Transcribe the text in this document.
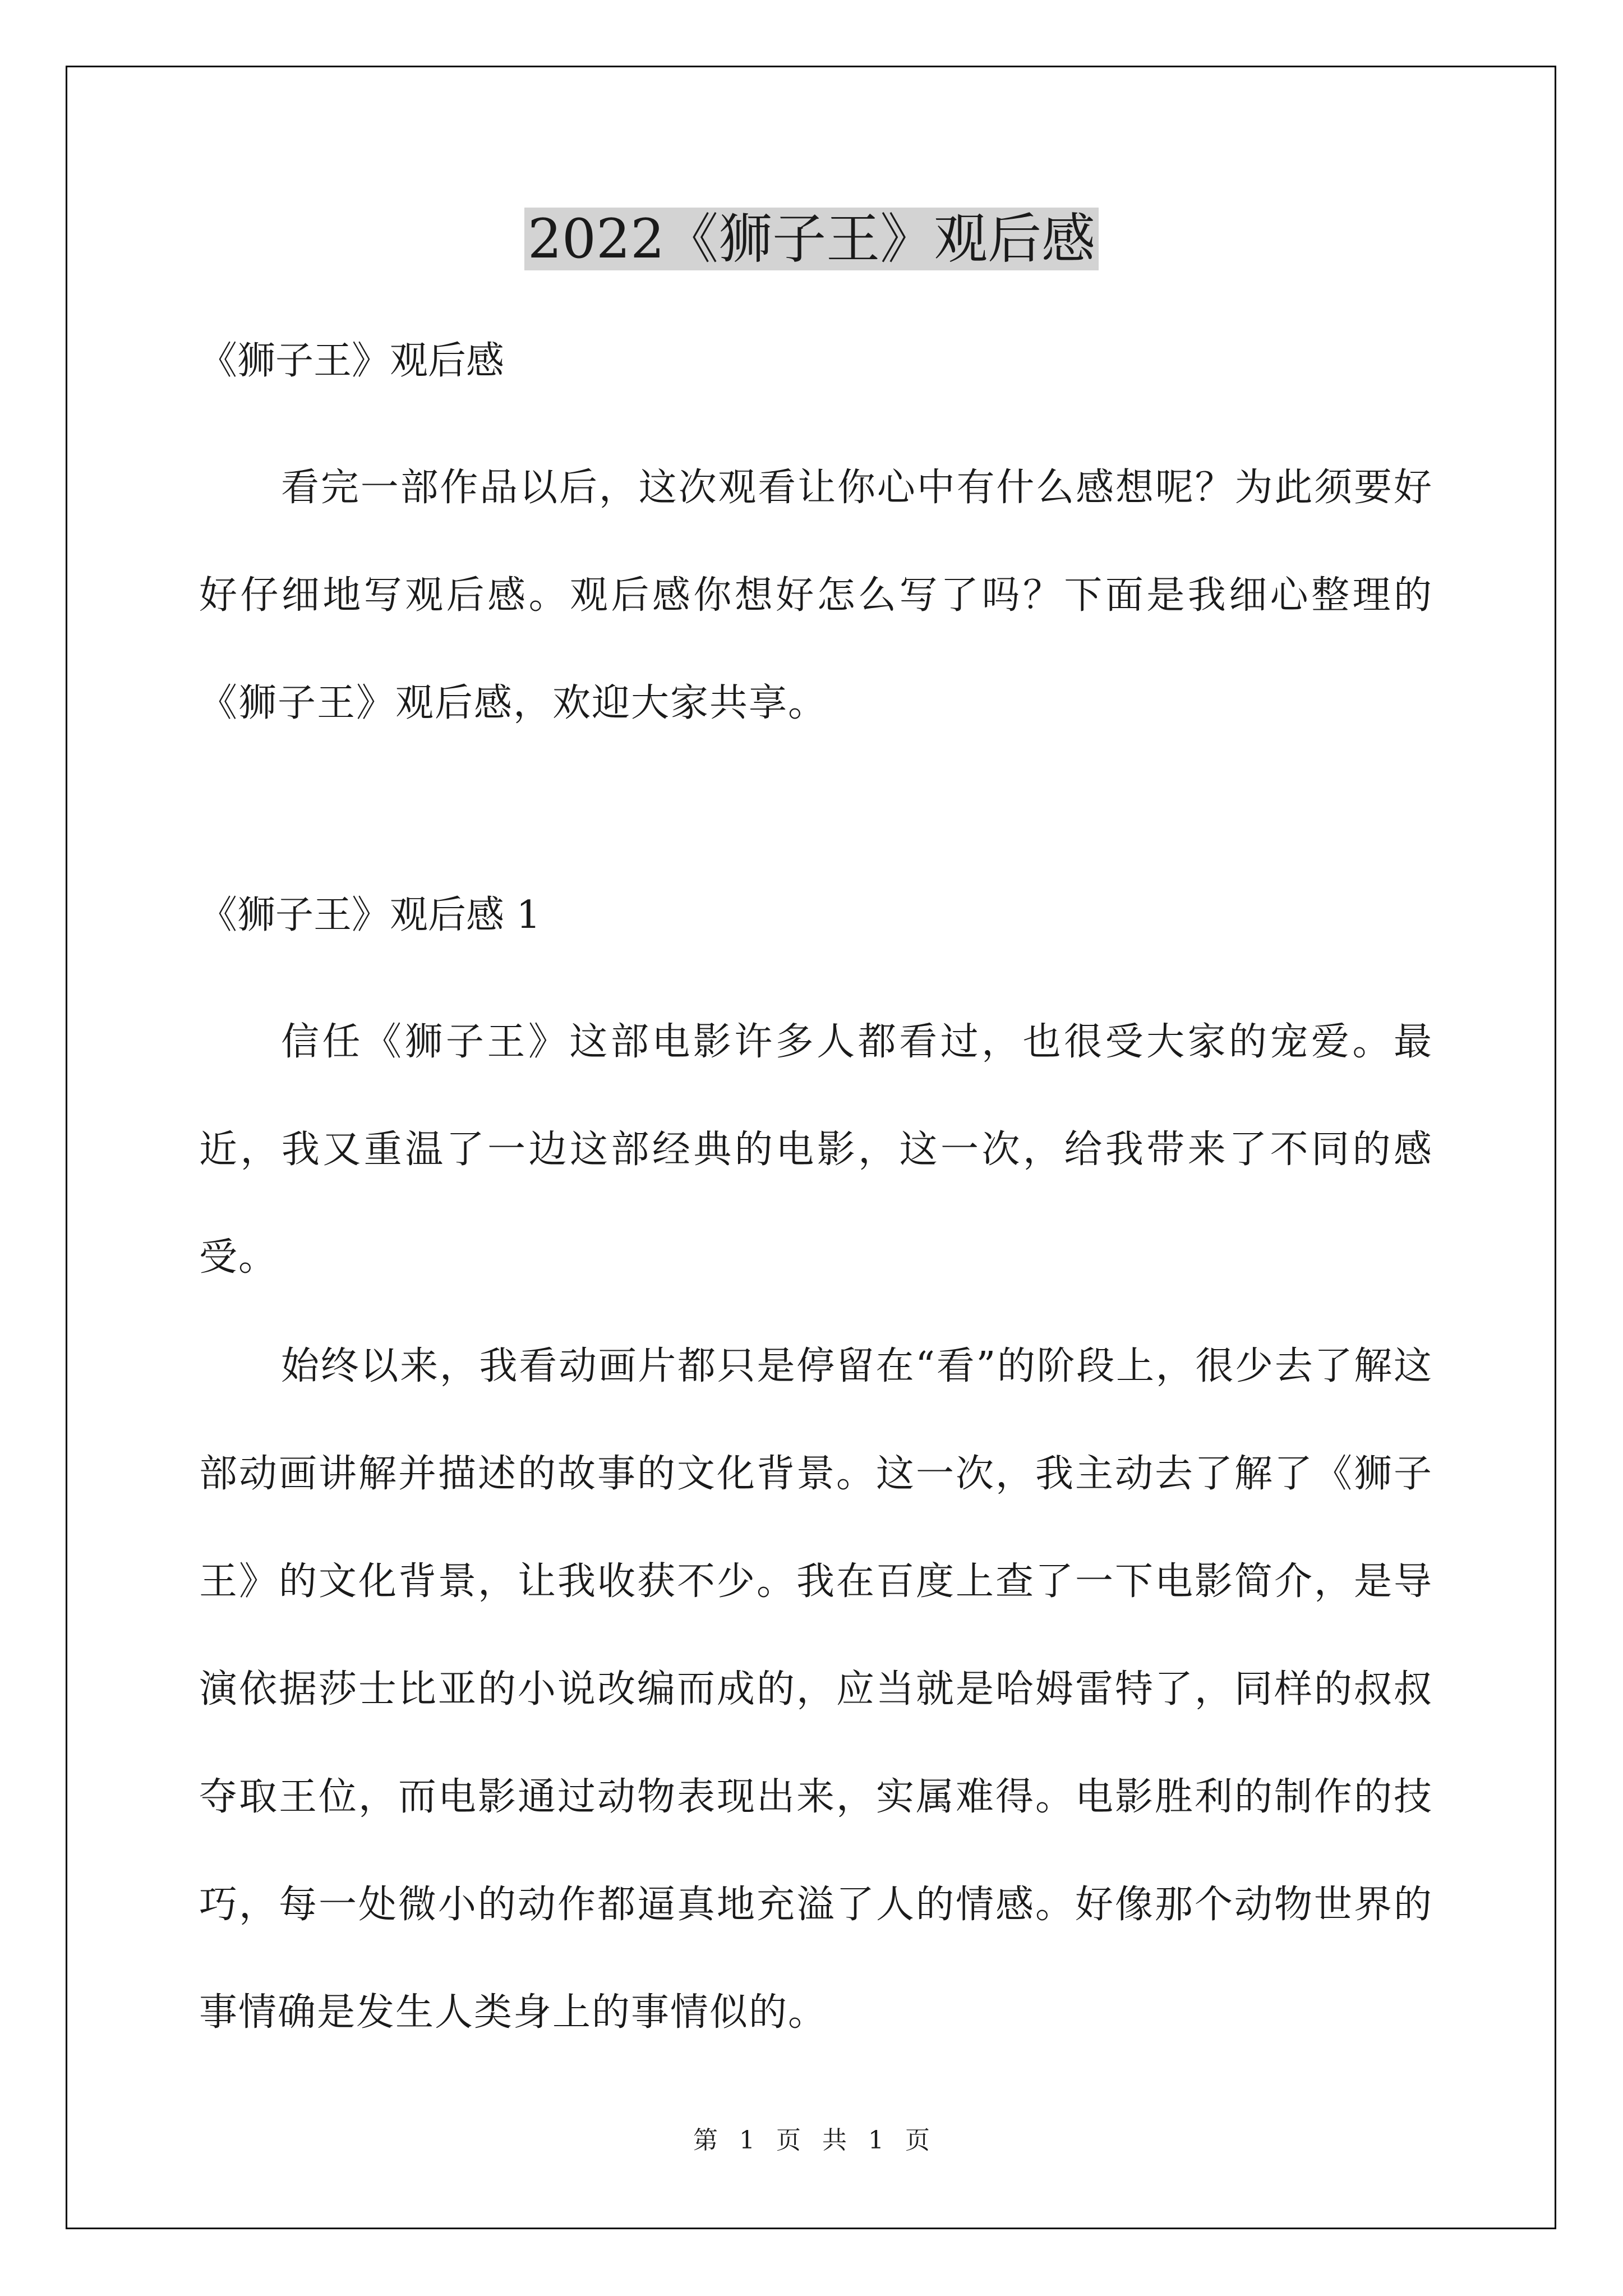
2022《狮子王》观后感
《狮子王》观后感

看完一部作品以后，这次观看让你心中有什么感想呢？为此须要好好仔细地写观后感。观后感你想好怎么写了吗？下面是我细心整理的《狮子王》观后感，欢迎大家共享。

《狮子王》观后感 1

信任《狮子王》这部电影许多人都看过，也很受大家的宠爱。最近，我又重温了一边这部经典的电影，这一次，给我带来了不同的感受。

始终以来，我看动画片都只是停留在“看”的阶段上，很少去了解这部动画讲解并描述的故事的文化背景。这一次，我主动去了解了《狮子王》的文化背景，让我收获不少。我在百度上查了一下电影简介，是导演依据莎士比亚的小说改编而成的，应当就是哈姆雷特了，同样的叔叔夺取王位，而电影通过动物表现出来，实属难得。电影胜利的制作的技巧，每一处微小的动作都逼真地充溢了人的情感。好像那个动物世界的事情确是发生人类身上的事情似的。

第 1 页 共 1 页
